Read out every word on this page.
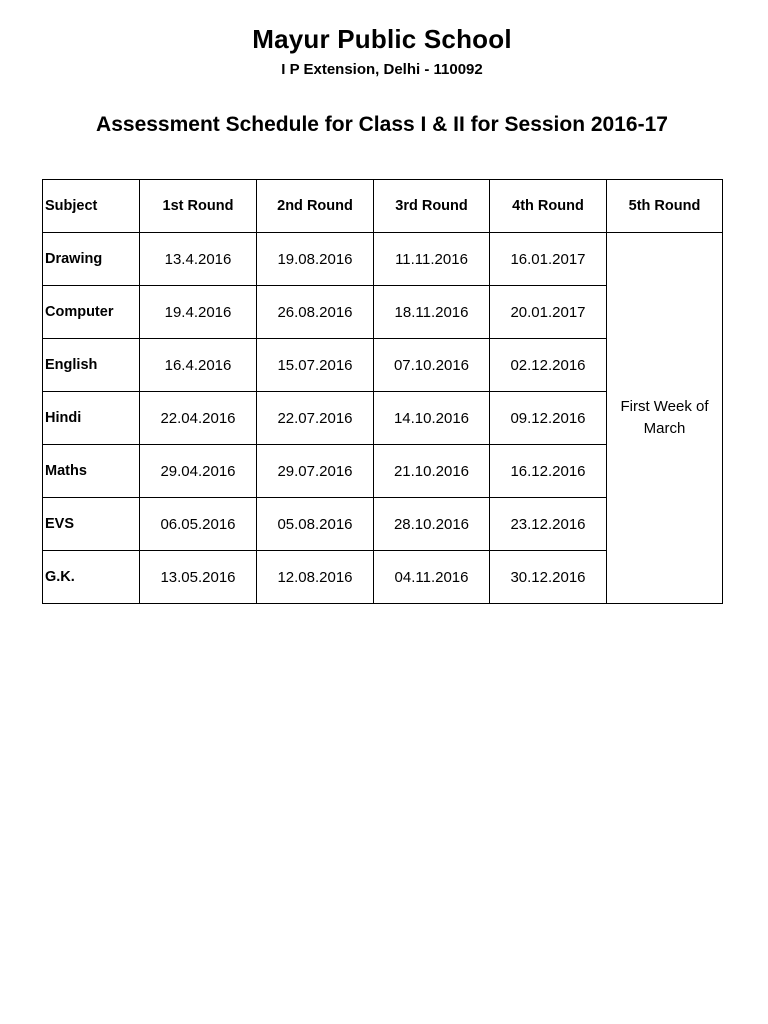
Mayur Public School
I P Extension, Delhi - 110092
Assessment Schedule for Class I & II for Session 2016-17
Subject	1st Round	2nd Round	3rd Round	4th Round	5th Round
Drawing	13.4.2016	19.08.2016	11.11.2016	16.01.2017	First Week of March
Computer	19.4.2016	26.08.2016	18.11.2016	20.01.2017	
English	16.4.2016	15.07.2016	07.10.2016	02.12.2016	
Hindi	22.04.2016	22.07.2016	14.10.2016	09.12.2016	
Maths	29.04.2016	29.07.2016	21.10.2016	16.12.2016	
EVS	06.05.2016	05.08.2016	28.10.2016	23.12.2016	
G.K.	13.05.2016	12.08.2016	04.11.2016	30.12.2016	
